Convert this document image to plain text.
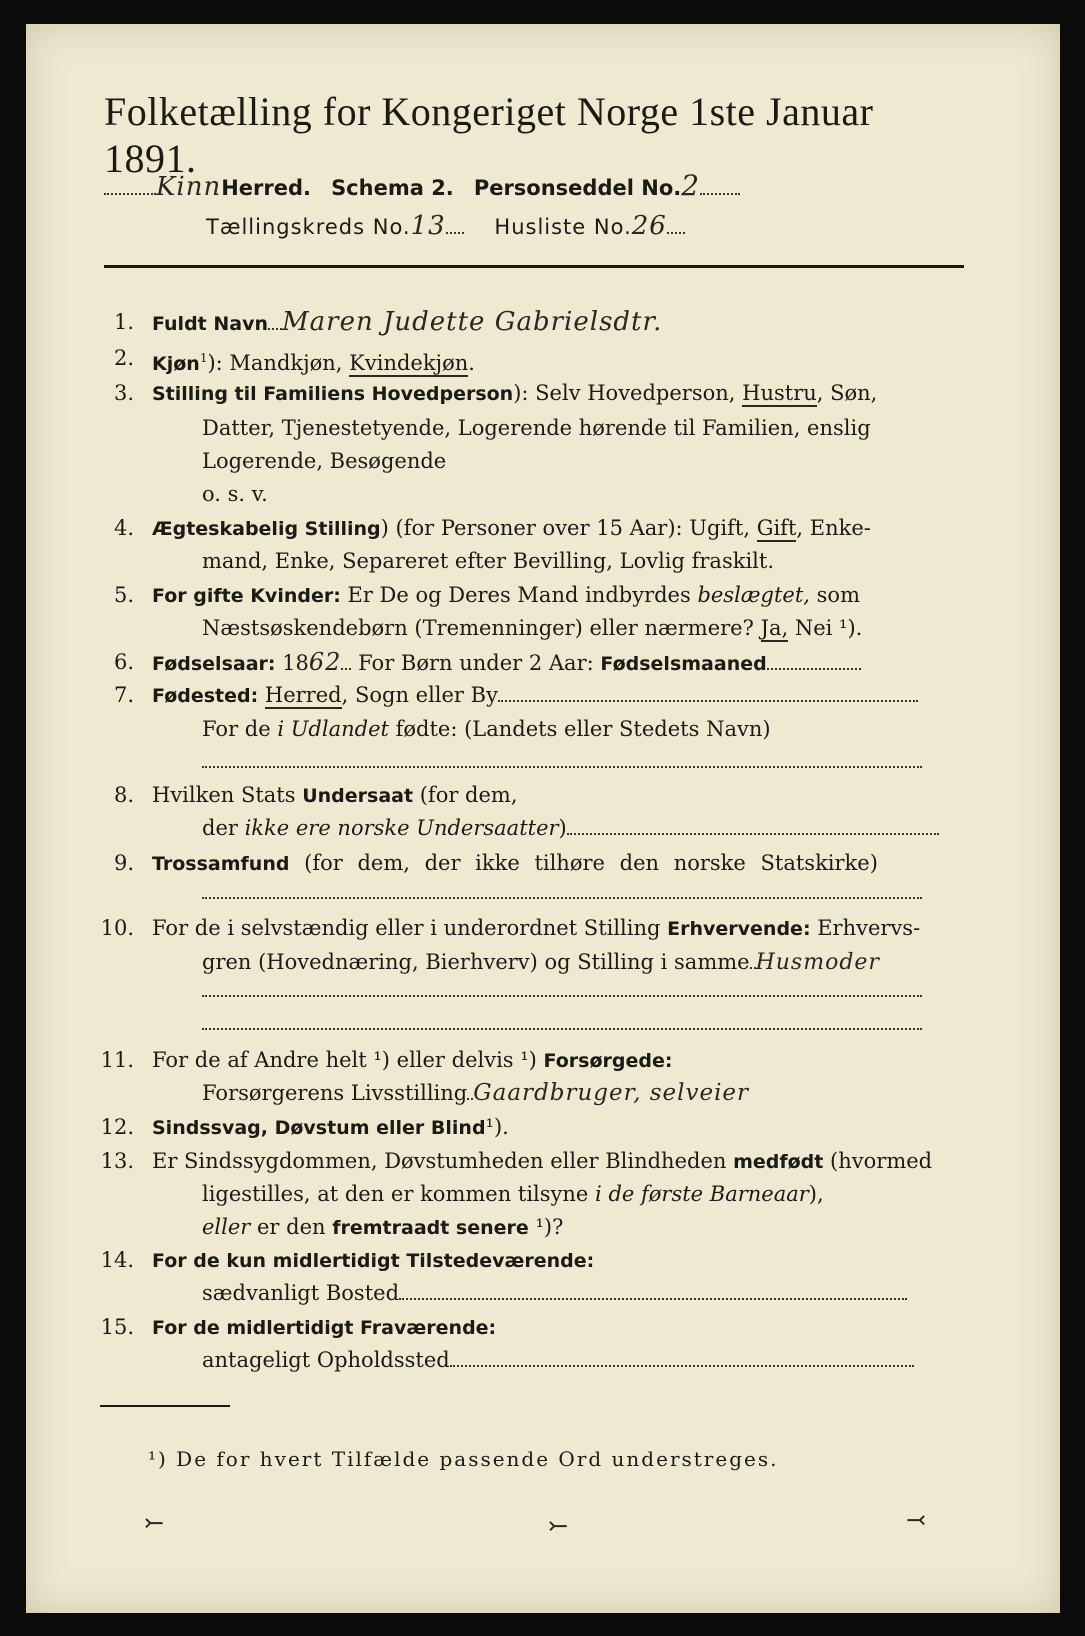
Folketælling for Kongeriget Norge 1ste Januar 1891.
KinnHerred. Schema 2. Personseddel No.2
Tællingskreds No.13 Husliste No.26
1. Fuldt Navn Maren Judette Gabrielsdtr.
2. Kjøn$^1$): Mandkjøn, Kvindekjøn.
3. Stilling til Familiens Hovedperson): Selv Hovedperson, Hustru, Søn,
Datter, Tjenestetyende, Logerende hørende til Familien, enslig
Logerende, Besøgende
o. s. v.
4. Ægteskabelig Stilling) (for Personer over 15 Aar): Ugift, Gift, Enke-
mand, Enke, Separeret efter Bevilling, Lovlig fraskilt.
5. For gifte Kvinder: Er De og Deres Mand indbyrdes beslægtet, som
Næstsøskendebørn (Tremenninger) eller nærmere? Ja, Nei ¹).
6. Fødselsaar: 1862 For Børn under 2 Aar: Fødselsmaaned
7. Fødested: Herred, Sogn eller By
For de i Udlandet fødte: (Landets eller Stedets Navn)
8. Hvilken Stats Undersaat (for dem,
der ikke ere norske Undersaatter)
9. Trossamfund (for dem, der ikke tilhøre den norske Statskirke)
10. For de i selvstændig eller i underordnet Stilling Erhvervende: Erhvervs-
gren (Hovednæring, Bierhverv) og Stilling i samme Husmoder
11. For de af Andre helt ¹) eller delvis ¹) Forsørgede:
Forsørgerens Livsstilling Gaardbruger, selveier
12. Sindssvag, Døvstum eller Blind¹).
13. Er Sindssygdommen, Døvstumheden eller Blindheden medfødt (hvormed
ligestilles, at den er kommen tilsyne i de første Barneaar),
eller er den fremtraadt senere ¹)?
14. For de kun midlertidigt Tilstedeværende:
sædvanligt Bosted
15. For de midlertidigt Fraværende:
antageligt Opholdssted
¹) De for hvert Tilfælde passende Ord understreges.
⤚	⤚	⤙
